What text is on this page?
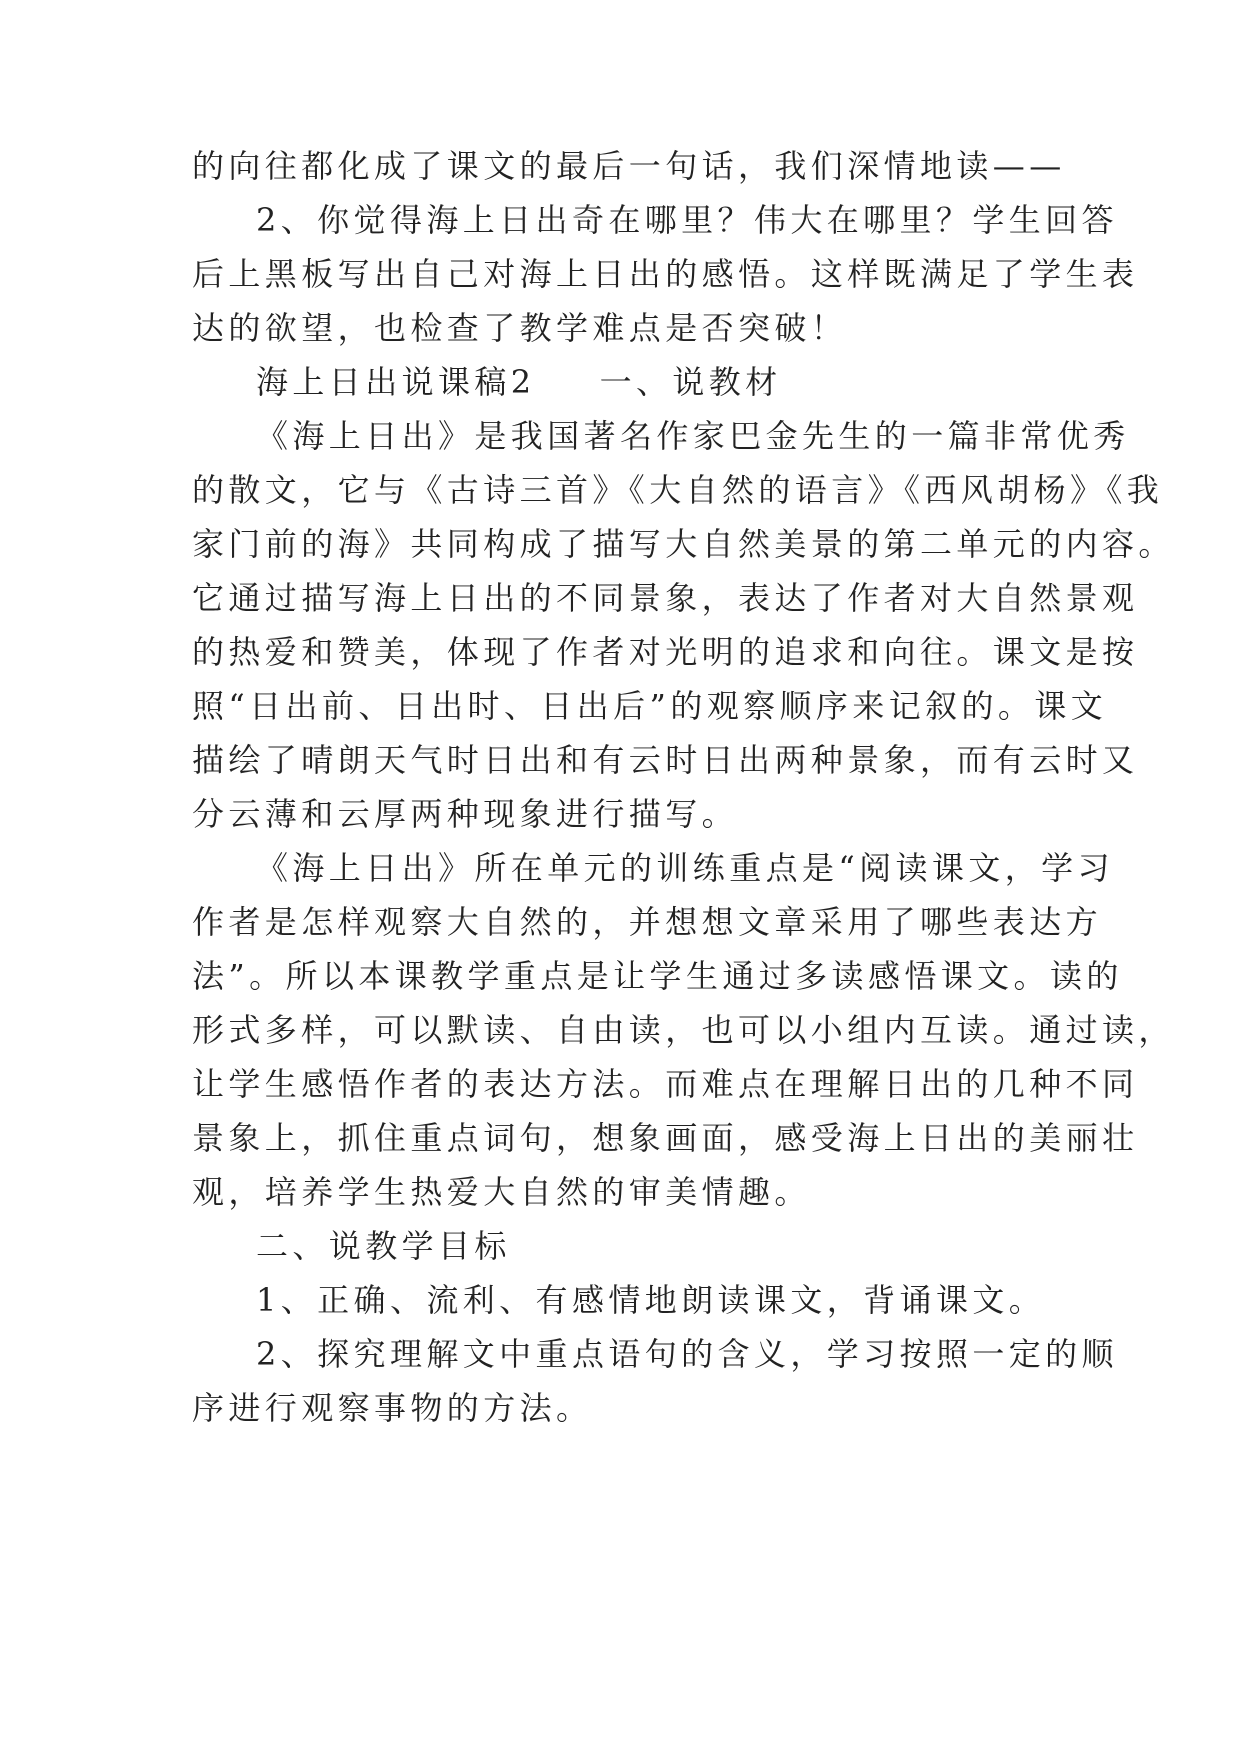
的向往都化成了课文的最后一句话，我们深情地读——
2、你觉得海上日出奇在哪里？伟大在哪里？学生回答
后上黑板写出自己对海上日出的感悟。这样既满足了学生表
达的欲望，也检查了教学难点是否突破！
海上日出说课稿2 一、说教材
《海上日出》是我国著名作家巴金先生的一篇非常优秀
的散文，它与《古诗三首》《大自然的语言》《西风胡杨》《我
家门前的海》共同构成了描写大自然美景的第二单元的内容。
它通过描写海上日出的不同景象，表达了作者对大自然景观
的热爱和赞美，体现了作者对光明的追求和向往。课文是按
照“日出前、日出时、日出后”的观察顺序来记叙的。课文
描绘了晴朗天气时日出和有云时日出两种景象，而有云时又
分云薄和云厚两种现象进行描写。
《海上日出》所在单元的训练重点是“阅读课文，学习
作者是怎样观察大自然的，并想想文章采用了哪些表达方
法”。所以本课教学重点是让学生通过多读感悟课文。读的
形式多样，可以默读、自由读，也可以小组内互读。通过读，
让学生感悟作者的表达方法。而难点在理解日出的几种不同
景象上，抓住重点词句，想象画面，感受海上日出的美丽壮
观，培养学生热爱大自然的审美情趣。
二、说教学目标
1、正确、流利、有感情地朗读课文，背诵课文。
2、探究理解文中重点语句的含义，学习按照一定的顺
序进行观察事物的方法。
